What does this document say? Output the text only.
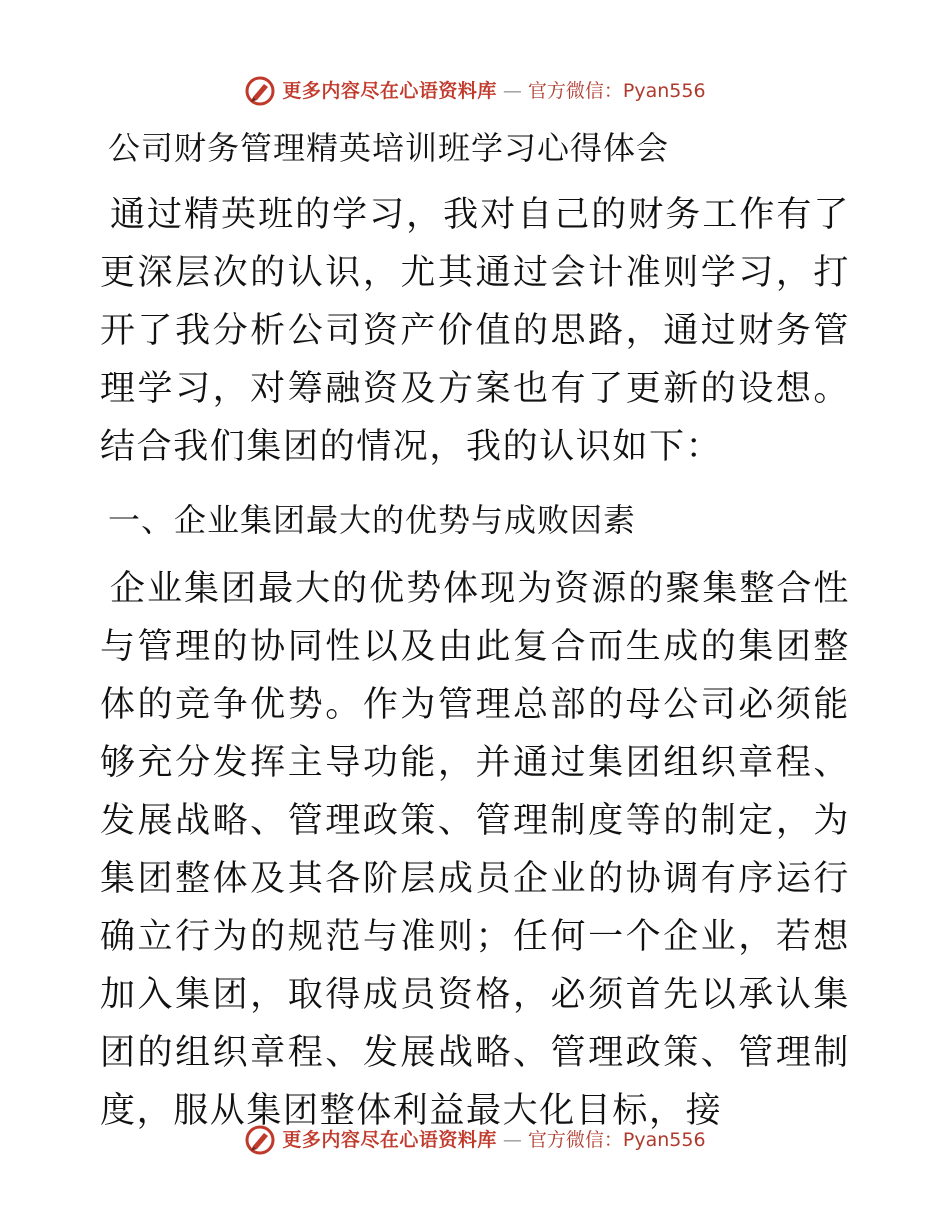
更多内容尽在心语资料库 — 官方微信：Pyan556
公司财务管理精英培训班学习心得体会

通过精英班的学习，我对自己的财务工作有了更深层次的认识，尤其通过会计准则学习，打开了我分析公司资产价值的思路，通过财务管理学习，对筹融资及方案也有了更新的设想。结合我们集团的情况，我的认识如下：

一、企业集团最大的优势与成败因素

企业集团最大的优势体现为资源的聚集整合性与管理的协同性以及由此复合而生成的集团整体的竞争优势。作为管理总部的母公司必须能够充分发挥主导功能，并通过集团组织章程、发展战略、管理政策、管理制度等的制定，为集团整体及其各阶层成员企业的协调有序运行确立行为的规范与准则；任何一个企业，若想加入集团，取得成员资格，必须首先以承认集团的组织章程、发展战略、管理政策、管理制度，服从集团整体利益最大化目标，接

更多内容尽在心语资料库 — 官方微信：Pyan556
